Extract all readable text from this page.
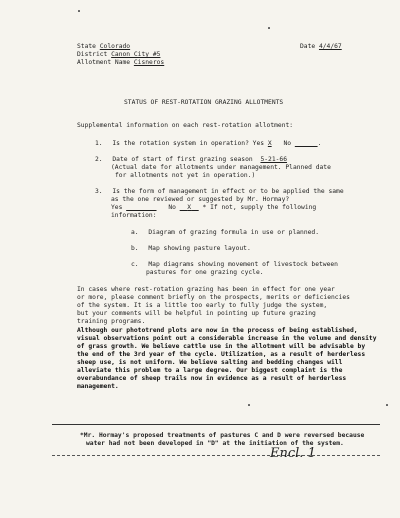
State Colorado
District Canon City #5
Allotment Name Cisneros
Date 4/4/67
STATUS OF REST-ROTATION GRAZING ALLOTMENTS
Supplemental information on each rest-rotation allotment:
1. Is the rotation system in operation? Yes X No	.
2. Date of start of first grazing season 5-21-66
(Actual date for allotments under management. Planned date
for allotments not yet in operation.)
3. Is the form of management in effect or to be applied the same
as the one reviewed or suggested by Mr. Hormay?
Yes	No X * If not, supply the following
information:
a. Diagram of grazing formula in use or planned.
b. Map showing pasture layout.
c. Map diagrams showing movement of livestock between
pastures for one grazing cycle.
In cases where rest-rotation grazing has been in effect for one year
or more, please comment briefly on the prospects, merits or deficiencies
of the system. It is a little too early to fully judge the system,
but your comments will be helpful in pointing up future grazing
training programs.
Although our phototrend plots are now in the process of being established,
visual observations point out a considerable increase in the volume and density
of grass growth. We believe cattle use in the allotment will be advisable by
the end of the 3rd year of the cycle. Utilization, as a result of herderless
sheep use, is not uniform. We believe salting and bedding changes will
alleviate this problem to a large degree. Our biggest complaint is the
overabundance of sheep trails now in evidence as a result of herderless
management.
*Mr. Hormay's proposed treatments of pastures C and D were reversed because
water had not been developed in "D" at the initiation of the system.
Encl. 1
